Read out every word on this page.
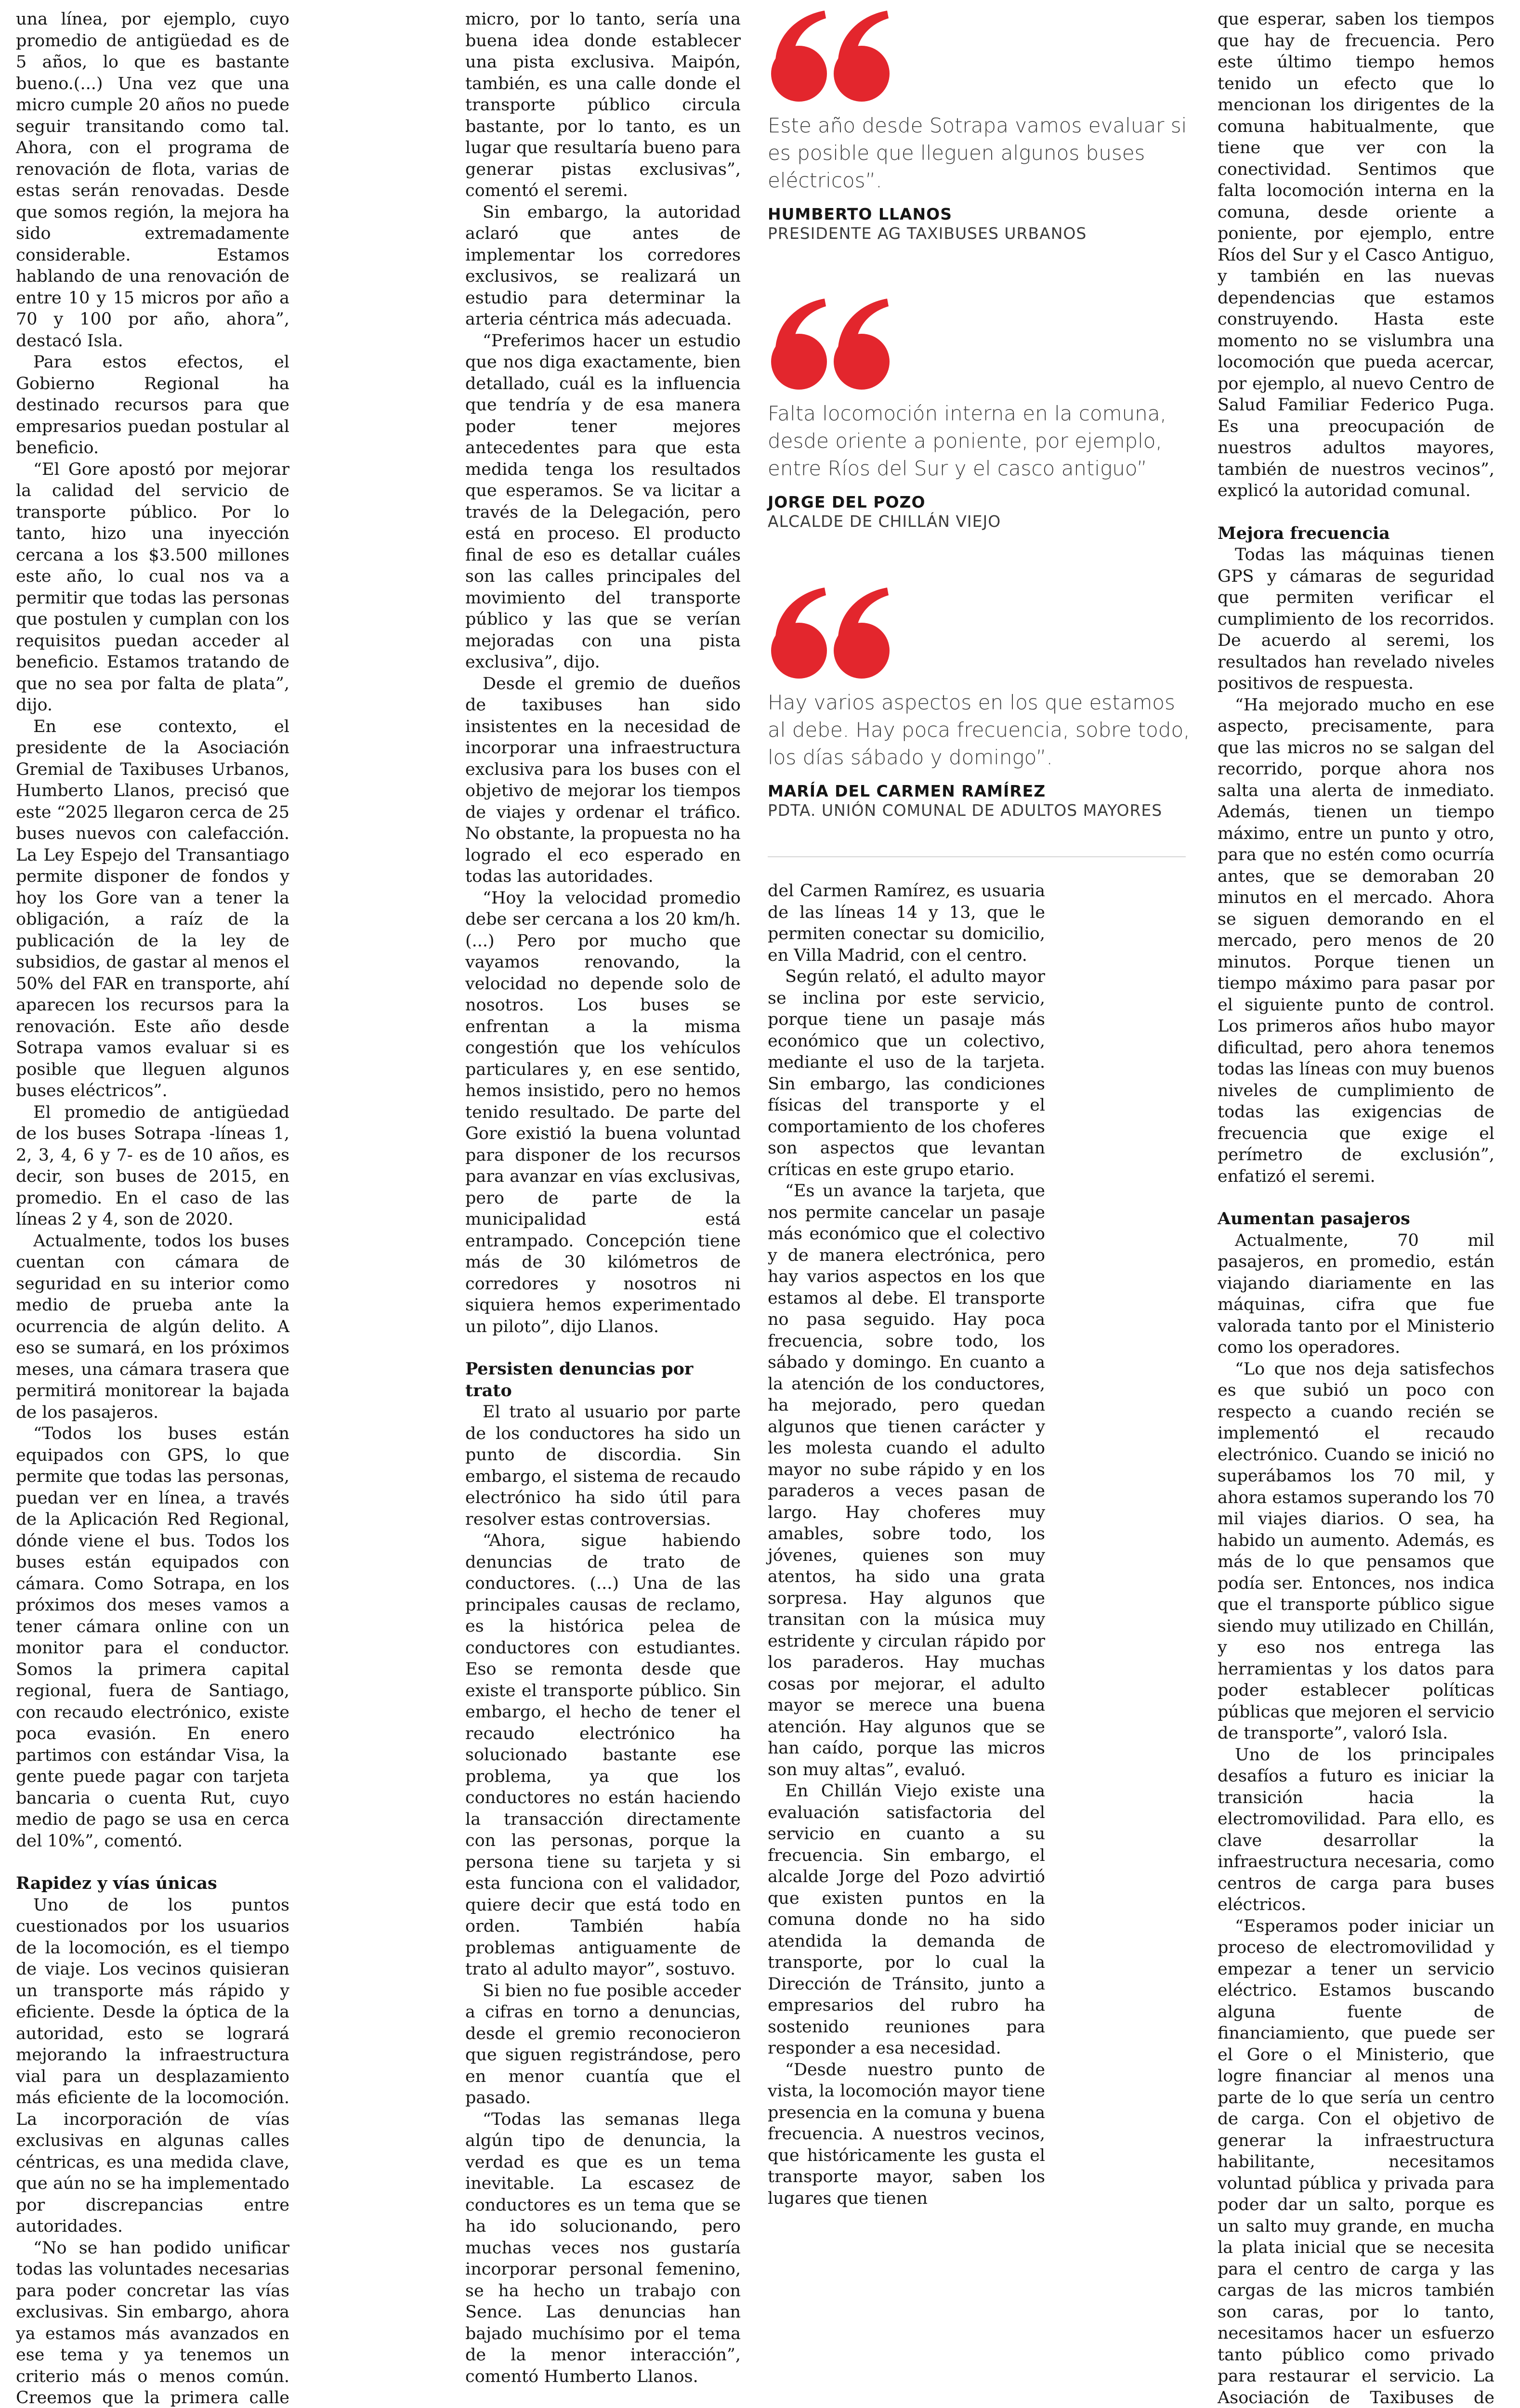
una línea, por ejemplo, cuyo promedio de antigüedad es de 5 años, lo que es bastante bueno.(...) Una vez que una micro cumple 20 años no puede seguir transitando como tal. Ahora, con el programa de renovación de flota, varias de estas serán renovadas. Desde que somos región, la mejora ha sido extremadamente considerable. Estamos hablando de una renovación de entre 10 y 15 micros por año a 70 y 100 por año, ahora”, destacó Isla.

Para estos efectos, el Gobierno Regional ha destinado recursos para que empresarios puedan postular al beneficio.

“El Gore apostó por mejorar la calidad del servicio de transporte público. Por lo tanto, hizo una inyección cercana a los $3.500 millones este año, lo cual nos va a permitir que todas las personas que postulen y cumplan con los requisitos puedan acceder al beneficio. Estamos tratando de que no sea por falta de plata”, dijo.

En ese contexto, el presidente de la Asociación Gremial de Taxibuses Urbanos, Humberto Llanos, precisó que este “2025 llegaron cerca de 25 buses nuevos con calefacción. La Ley Espejo del Transantiago permite disponer de fondos y hoy los Gore van a tener la obligación, a raíz de la publicación de la ley de subsidios, de gastar al menos el 50% del FAR en transporte, ahí aparecen los recursos para la renovación. Este año desde Sotrapa vamos evaluar si es posible que lleguen algunos buses eléctricos”.

El promedio de antigüedad de los buses Sotrapa -líneas 1, 2, 3, 4, 6 y 7- es de 10 años, es decir, son buses de 2015, en promedio. En el caso de las líneas 2 y 4, son de 2020.

Actualmente, todos los buses cuentan con cámara de seguridad en su interior como medio de prueba ante la ocurrencia de algún delito. A eso se sumará, en los próximos meses, una cámara trasera que permitirá monitorear la bajada de los pasajeros.

“Todos los buses están equipados con GPS, lo que permite que todas las personas, puedan ver en línea, a través de la Aplicación Red Regional, dónde viene el bus. Todos los buses están equipados con cámara. Como Sotrapa, en los próximos dos meses vamos a tener cámara online con un monitor para el conductor. Somos la primera capital regional, fuera de Santiago, con recaudo electrónico, existe poca evasión. En enero partimos con estándar Visa, la gente puede pagar con tarjeta bancaria o cuenta Rut, cuyo medio de pago se usa en cerca del 10%”, comentó.

Rapidez y vías únicas

Uno de los puntos cuestionados por los usuarios de la locomoción, es el tiempo de viaje. Los vecinos quisieran un transporte más rápido y eficiente. Desde la óptica de la autoridad, esto se logrará mejorando la infraestructura vial para un desplazamiento más eficiente de la locomoción. La incorporación de vías exclusivas en algunas calles céntricas, es una medida clave, que aún no se ha implementado por discrepancias entre autoridades.

“No se han podido unificar todas las voluntades necesarias para poder concretar las vías exclusivas. Sin embargo, ahora ya estamos más avanzados en ese tema y ya tenemos un criterio más o menos común. Creemos que la primera calle

micro, por lo tanto, sería una buena idea donde establecer una pista exclusiva. Maipón, también, es una calle donde el transporte público circula bastante, por lo tanto, es un lugar que resultaría bueno para generar pistas exclusivas”, comentó el seremi.

Sin embargo, la autoridad aclaró que antes de implementar los corredores exclusivos, se realizará un estudio para determinar la arteria céntrica más adecuada.

“Preferimos hacer un estudio que nos diga exactamente, bien detallado, cuál es la influencia que tendría y de esa manera poder tener mejores antecedentes para que esta medida tenga los resultados que esperamos. Se va licitar a través de la Delegación, pero está en proceso. El producto final de eso es detallar cuáles son las calles principales del movimiento del transporte público y las que se verían mejoradas con una pista exclusiva”, dijo.

Desde el gremio de dueños de taxibuses han sido insistentes en la necesidad de incorporar una infraestructura exclusiva para los buses con el objetivo de mejorar los tiempos de viajes y ordenar el tráfico. No obstante, la propuesta no ha logrado el eco esperado en todas las autoridades.

“Hoy la velocidad promedio debe ser cercana a los 20 km/h. (...) Pero por mucho que vayamos renovando, la velocidad no depende solo de nosotros. Los buses se enfrentan a la misma congestión que los vehículos particulares y, en ese sentido, hemos insistido, pero no hemos tenido resultado. De parte del Gore existió la buena voluntad para disponer de los recursos para avanzar en vías exclusivas, pero de parte de la municipalidad está entrampado. Concepción tiene más de 30 kilómetros de corredores y nosotros ni siquiera hemos experimentado un piloto”, dijo Llanos.

Persisten denuncias por trato

El trato al usuario por parte de los conductores ha sido un punto de discordia. Sin embargo, el sistema de recaudo electrónico ha sido útil para resolver estas controversias.

“Ahora, sigue habiendo denuncias de trato de conductores. (...) Una de las principales causas de reclamo, es la histórica pelea de conductores con estudiantes. Eso se remonta desde que existe el transporte público. Sin embargo, el hecho de tener el recaudo electrónico ha solucionado bastante ese problema, ya que los conductores no están haciendo la transacción directamente con las personas, porque la persona tiene su tarjeta y si esta funciona con el validador, quiere decir que está todo en orden. También había problemas antiguamente de trato al adulto mayor”, sostuvo.

Si bien no fue posible acceder a cifras en torno a denuncias, desde el gremio reconocieron que siguen registrándose, pero en menor cuantía que el pasado.

“Todas las semanas llega algún tipo de denuncia, la verdad es que es un tema inevitable. La escasez de conductores es un tema que se ha ido solucionando, pero muchas veces nos gustaría incorporar personal femenino, se ha hecho un trabajo con Sence. Las denuncias han bajado muchísimo por el tema de la menor interacción”, comentó Humberto Llanos.

Este año desde Sotrapa vamos evaluar si es posible que lleguen algunos buses eléctricos”.
HUMBERTO LLANOS
PRESIDENTE AG TAXIBUSES URBANOS
Falta locomoción interna en la comuna, desde oriente a poniente, por ejemplo, entre Ríos del Sur y el casco antiguo”
JORGE DEL POZO
ALCALDE DE CHILLÁN VIEJO
Hay varios aspectos en los que estamos al debe. Hay poca frecuencia, sobre todo, los días sábado y domingo”.
MARÍA DEL CARMEN RAMÍREZ
PDTA. UNIÓN COMUNAL DE ADULTOS MAYORES

del Carmen Ramírez, es usuaria de las líneas 14 y 13, que le permiten conectar su domicilio, en Villa Madrid, con el centro.

Según relató, el adulto mayor se inclina por este servicio, porque tiene un pasaje más económico que un colectivo, mediante el uso de la tarjeta. Sin embargo, las condiciones físicas del transporte y el comportamiento de los choferes son aspectos que levantan críticas en este grupo etario.

“Es un avance la tarjeta, que nos permite cancelar un pasaje más económico que el colectivo y de manera electrónica, pero hay varios aspectos en los que estamos al debe. El transporte no pasa seguido. Hay poca frecuencia, sobre todo, los sábado y domingo. En cuanto a la atención de los conductores, ha mejorado, pero quedan algunos que tienen carácter y les molesta cuando el adulto mayor no sube rápido y en los paraderos a veces pasan de largo. Hay choferes muy amables, sobre todo, los jóvenes, quienes son muy atentos, ha sido una grata sorpresa. Hay algunos que transitan con la música muy estridente y circulan rápido por los paraderos. Hay muchas cosas por mejorar, el adulto mayor se merece una buena atención. Hay algunos que se han caído, porque las micros son muy altas”, evaluó.

En Chillán Viejo existe una evaluación satisfactoria del servicio en cuanto a su frecuencia. Sin embargo, el alcalde Jorge del Pozo advirtió que existen puntos en la comuna donde no ha sido atendida la demanda de transporte, por lo cual la Dirección de Tránsito, junto a empresarios del rubro ha sostenido reuniones para responder a esa necesidad.

“Desde nuestro punto de vista, la locomoción mayor tiene presencia en la comuna y buena frecuencia. A nuestros vecinos, que históricamente les gusta el transporte mayor, saben los lugares que tienen

que esperar, saben los tiempos que hay de frecuencia. Pero este último tiempo hemos tenido un efecto que lo mencionan los dirigentes de la comuna habitualmente, que tiene que ver con la conectividad. Sentimos que falta locomoción interna en la comuna, desde oriente a poniente, por ejemplo, entre Ríos del Sur y el Casco Antiguo, y también en las nuevas dependencias que estamos construyendo. Hasta este momento no se vislumbra una locomoción que pueda acercar, por ejemplo, al nuevo Centro de Salud Familiar Federico Puga. Es una preocupación de nuestros adultos mayores, también de nuestros vecinos”, explicó la autoridad comunal.

Mejora frecuencia

Todas las máquinas tienen GPS y cámaras de seguridad que permiten verificar el cumplimiento de los recorridos. De acuerdo al seremi, los resultados han revelado niveles positivos de respuesta.

“Ha mejorado mucho en ese aspecto, precisamente, para que las micros no se salgan del recorrido, porque ahora nos salta una alerta de inmediato. Además, tienen un tiempo máximo, entre un punto y otro, para que no estén como ocurría antes, que se demoraban 20 minutos en el mercado. Ahora se siguen demorando en el mercado, pero menos de 20 minutos. Porque tienen un tiempo máximo para pasar por el siguiente punto de control. Los primeros años hubo mayor dificultad, pero ahora tenemos todas las líneas con muy buenos niveles de cumplimiento de todas las exigencias de frecuencia que exige el perímetro de exclusión”, enfatizó el seremi.

Aumentan pasajeros

Actualmente, 70 mil pasajeros, en promedio, están viajando diariamente en las máquinas, cifra que fue valorada tanto por el Ministerio como los operadores.

“Lo que nos deja satisfechos es que subió un poco con respecto a cuando recién se implementó el recaudo electrónico. Cuando se inició no superábamos los 70 mil, y ahora estamos superando los 70 mil viajes diarios. O sea, ha habido un aumento. Además, es más de lo que pensamos que podía ser. Entonces, nos indica que el transporte público sigue siendo muy utilizado en Chillán, y eso nos entrega las herramientas y los datos para poder establecer políticas públicas que mejoren el servicio de transporte”, valoró Isla.

Uno de los principales desafíos a futuro es iniciar la transición hacia la electromovilidad. Para ello, es clave desarrollar la infraestructura necesaria, como centros de carga para buses eléctricos.

“Esperamos poder iniciar un proceso de electromovilidad y empezar a tener un servicio eléctrico. Estamos buscando alguna fuente de financiamiento, que puede ser el Gore o el Ministerio, que logre financiar al menos una parte de lo que sería un centro de carga. Con el objetivo de generar la infraestructura habilitante, necesitamos voluntad pública y privada para poder dar un salto, porque es un salto muy grande, en mucha la plata inicial que se necesita para el centro de carga y las cargas de las micros también son caras, por lo tanto, necesitamos hacer un esfuerzo tanto público como privado para restaurar el servicio. La Asociación de Taxibuses de
